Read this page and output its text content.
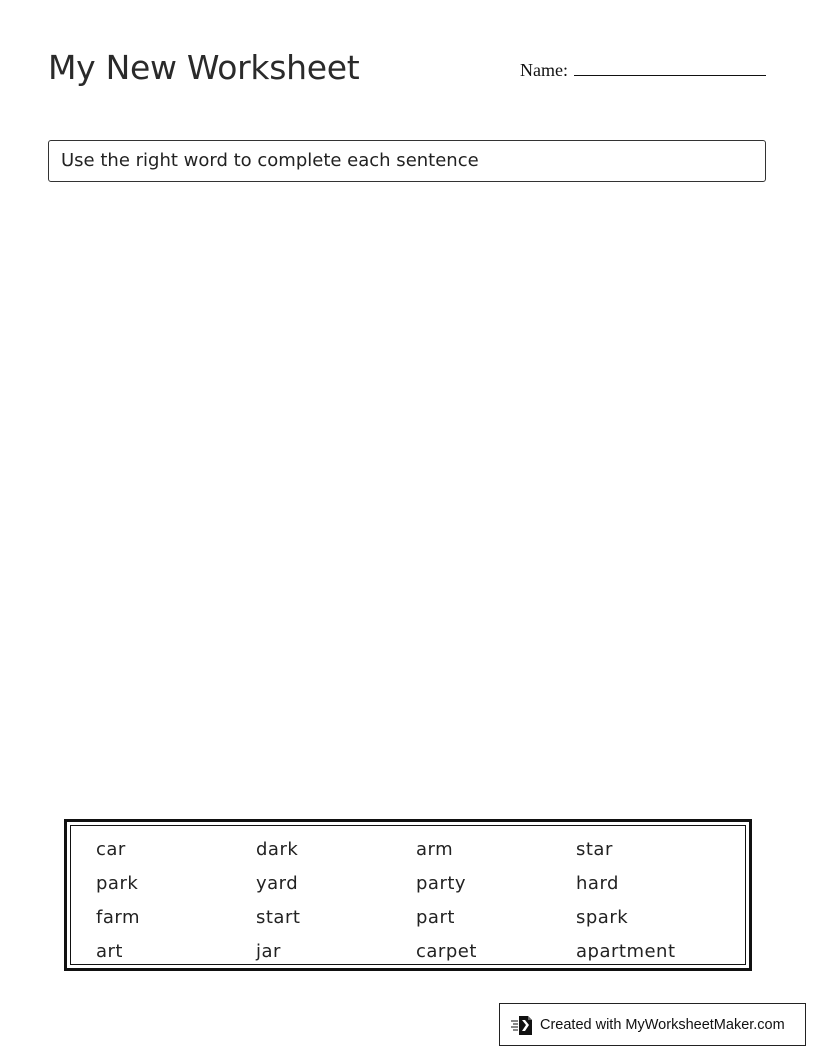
My New Worksheet	Name:
Use the right word to complete each sentence
car	dark	arm	star
park	yard	party	hard
farm	start	part	spark
art	jar	carpet	apartment
Created with MyWorksheetMaker.com
